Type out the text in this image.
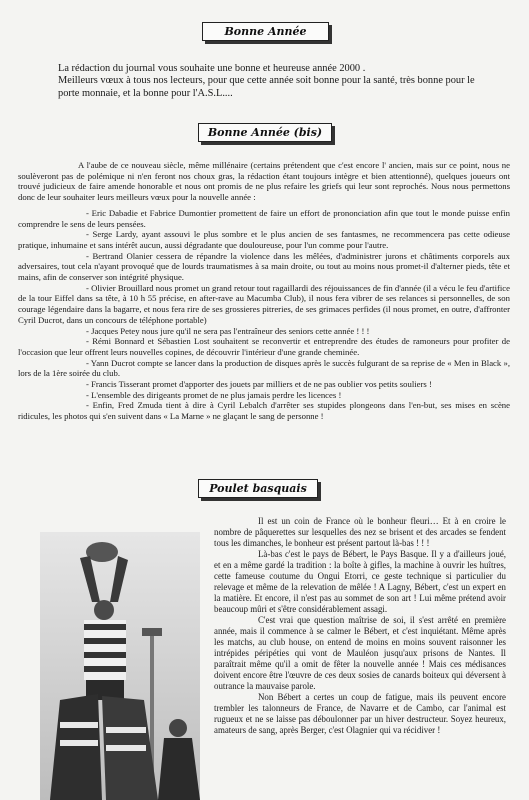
Bonne Année

La rédaction du journal vous souhaite une bonne et heureuse année 2000 .

Meilleurs vœux à tous nos lecteurs, pour que cette année soit bonne pour la santé, très bonne pour le porte monnaie, et la bonne pour l'A.S.L....

Bonne Année (bis)

A l'aube de ce nouveau siècle, même millénaire (certains prétendent que c'est encore l' ancien, mais sur ce point, nous ne soulèveront pas de polémique ni n'en feront nos choux gras, la rédaction étant toujours intègre et bien attentionné), quelques joueurs ont trouvé judicieux de faire amende honorable et nous ont promis de ne plus refaire les griefs qui leur sont reprochés. Nous nous permettons donc de leur souhaiter leurs meilleurs vœux pour la nouvelle année :

- Eric Dabadie et Fabrice Dumontier promettent de faire un effort de prononciation afin que tout le monde puisse enfin comprendre le sens de leurs pensées.

- Serge Lardy, ayant assouvi le plus sombre et le plus ancien de ses fantasmes, ne recommencera pas cette odieuse pratique, inhumaine et sans intérêt aucun, aussi dégradante que douloureuse, pour l'un comme pour l'autre.

- Bertrand Olanier cessera de répandre la violence dans les mêlées, d'administrer jurons et châtiments corporels aux adversaires, tout cela n'ayant provoqué que de lourds traumatismes à sa main droite, ou tout au moins nous promet-il d'alterner pieds, tête et mains, afin de conserver son intégrité physique.

- Olivier Brouillard nous promet un grand retour tout ragaillardi des réjouissances de fin d'année (il a vécu le feu d'artifice de la tour Eiffel dans sa tête, à 10 h 55 précise, en after-rave au Macumba Club), il nous fera vibrer de ses relances si personnelles, de son courage légendaire dans la bagarre, et nous fera rire de ses grossieres pitreries, de ses grimaces perfides (il nous promet, en outre, d'affronter Cyril Ducrot, dans un concours de téléphone portable)

- Jacques Petey nous jure qu'il ne sera pas l'entraîneur des seniors cette année ! ! !

- Rémi Bonnard et Sébastien Lost souhaitent se reconvertir et entreprendre des études de ramoneurs pour profiter de l'occasion que leur offrent leurs nouvelles copines, de découvrir l'intérieur d'une grande cheminée.

- Yann Ducrot compte se lancer dans la production de disques après le succès fulgurant de sa reprise de « Men in Black », lors de la 1ère soirée du club.

- Francis Tisserant promet d'apporter des jouets par milliers et de ne pas oublier vos petits souliers !

- L'ensemble des dirigeants promet de ne plus jamais perdre les licences !

- Enfin, Fred Zmuda tient à dire à Cyril Lebalch d'arrêter ses stupides plongeons dans l'en-but, ses mises en scène ridicules, les photos qui s'en suivent dans « La Marne » ne glaçant le sang de personne !

Poulet basquais

Il est un coin de France où le bonheur fleuri… Et à en croire le nombre de pâquerettes sur lesquelles des nez se brisent et des arcades se fendent tous les dimanches, le bonheur est présent partout là-bas ! ! !

Là-bas c'est le pays de Bébert, le Pays Basque. Il y a d'ailleurs joué, et en a même gardé la tradition : la boîte à gifles, la machine à ouvrir les huîtres, cette fameuse coutume du Ongui Etorri, ce geste technique si particulier du relevage et même de la relevation de mêlée ! A Lagny, Bébert, c'est un expert en la matière. Et encore, il n'est pas au sommet de son art ! Lui même prétend avoir beaucoup mûri et s'être considérablement assagi.

C'est vrai que question maîtrise de soi, il s'est arrêté en première année, mais il commence à se calmer le Bébert, et c'est inquiétant. Même après les matchs, au club house, on entend de moins en moins souvent raisonner les intrépides péripéties qui vont de Mauléon jusqu'aux prisons de Nantes. Il paraîtrait même qu'il a omit de fêter la nouvelle année ! Mais ces médisances doivent encore être l'œuvre de ces deux sosies de canards boiteux qui déversent à outrance la mauvaise parole.

Non Bébert a certes un coup de fatigue, mais ils peuvent encore trembler les talonneurs de France, de Navarre et de Cambo, car l'animal est rugueux et ne se laisse pas déboulonner par un hiver destructeur. Soyez heureux, amateurs de sang, après Berger, c'est Olagnier qui va récidiver !
